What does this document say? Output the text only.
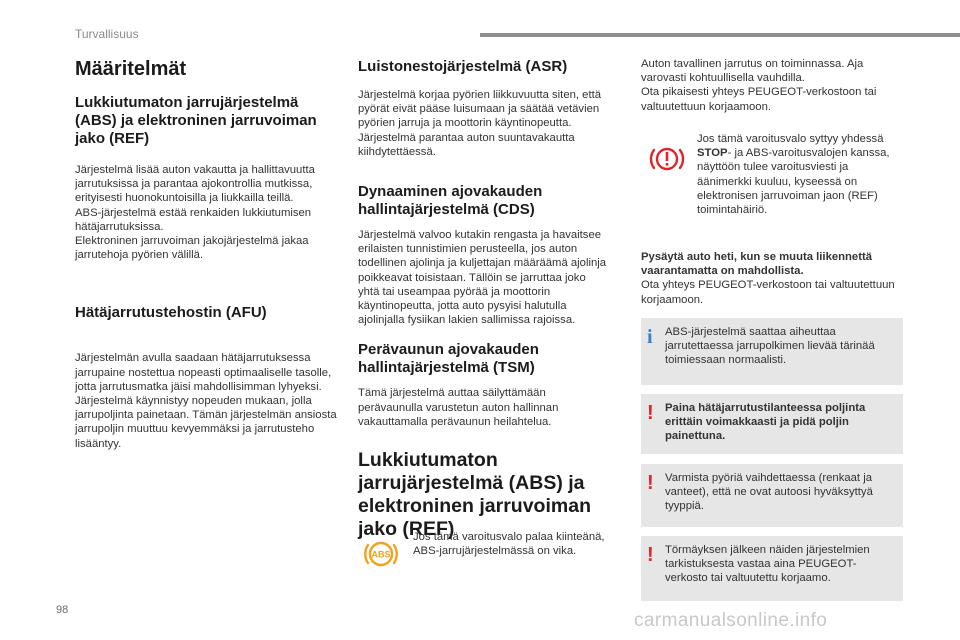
Turvallisuus
Määritelmät
Lukkiutumaton jarrujärjestelmä (ABS) ja elektroninen jarruvoiman jako (REF)
Järjestelmä lisää auton vakautta ja hallittavuutta jarrutuksissa ja parantaa ajokontrollia mutkissa, erityisesti huonokuntoisilla ja liukkailla teillä.
ABS-järjestelmä estää renkaiden lukkiutumisen hätäjarrutuksissa.
Elektroninen jarruvoiman jakojärjestelmä jakaa jarrutehoja pyörien välillä.
Hätäjarrutustehostin (AFU)
Järjestelmän avulla saadaan hätäjarrutuksessa jarrupaine nostettua nopeasti optimaaliselle tasolle, jotta jarrutusmatka jäisi mahdollisimman lyhyeksi.
Järjestelmä käynnistyy nopeuden mukaan, jolla jarrupoljinta painetaan. Tämän järjestelmän ansiosta jarrupoljin muuttuu kevyemmäksi ja jarrutusteho lisääntyy.
Luistonestojärjestelmä (ASR)
Järjestelmä korjaa pyörien liikkuvuutta siten, että pyörät eivät pääse luisumaan ja säätää vetävien pyörien jarruja ja moottorin käyntinopeutta. Järjestelmä parantaa auton suuntavakautta kiihdytettäessä.
Dynaaminen ajovakauden hallintajärjestelmä (CDS)
Järjestelmä valvoo kutakin rengasta ja havaitsee erilaisten tunnistimien perusteella, jos auton todellinen ajolinja ja kuljettajan määräämä ajolinja poikkeavat toisistaan. Tällöin se jarruttaa joko yhtä tai useampaa pyörää ja moottorin käyntinopeutta, jotta auto pysyisi halutulla ajolinjalla fysiikan lakien sallimissa rajoissa.
Perävaunun ajovakauden hallintajärjestelmä (TSM)
Tämä järjestelmä auttaa säilyttämään perävaunulla varustetun auton hallinnan vakauttamalla perävaunun heilahtelua.
Lukkiutumaton jarrujärjestelmä (ABS) ja elektroninen jarruvoiman jako (REF)
ABS
Jos tämä varoitusvalo palaa kiinteänä, ABS-jarrujärjestelmässä on vika.
Auton tavallinen jarrutus on toiminnassa. Aja varovasti kohtuullisella vauhdilla.
Ota pikaisesti yhteys PEUGEOT-verkostoon tai valtuutettuun korjaamoon.
Jos tämä varoitusvalo syttyy yhdessä STOP- ja ABS-varoitusvalojen kanssa, näyttöön tulee varoitusviesti ja äänimerkki kuuluu, kyseessä on elektronisen jarruvoiman jaon (REF) toimintahäiriö.
Pysäytä auto heti, kun se muuta liikennettä vaarantamatta on mahdollista.
Ota yhteys PEUGEOT-verkostoon tai valtuutettuun korjaamoon.
i	ABS-järjestelmä saattaa aiheuttaa jarrutettaessa jarrupolkimen lievää tärinää toimiessaan normaalisti.
! Paina hätäjarrutustilanteessa poljinta erittäin voimakkaasti ja pidä poljin painettuna.
! Varmista pyöriä vaihdettaessa (renkaat ja vanteet), että ne ovat autoosi hyväksyttyä tyyppiä.
! Törmäyksen jälkeen näiden järjestelmien tarkistuksesta vastaa aina PEUGEOT-verkosto tai valtuutettu korjaamo.
98	carmanualsonline.info
